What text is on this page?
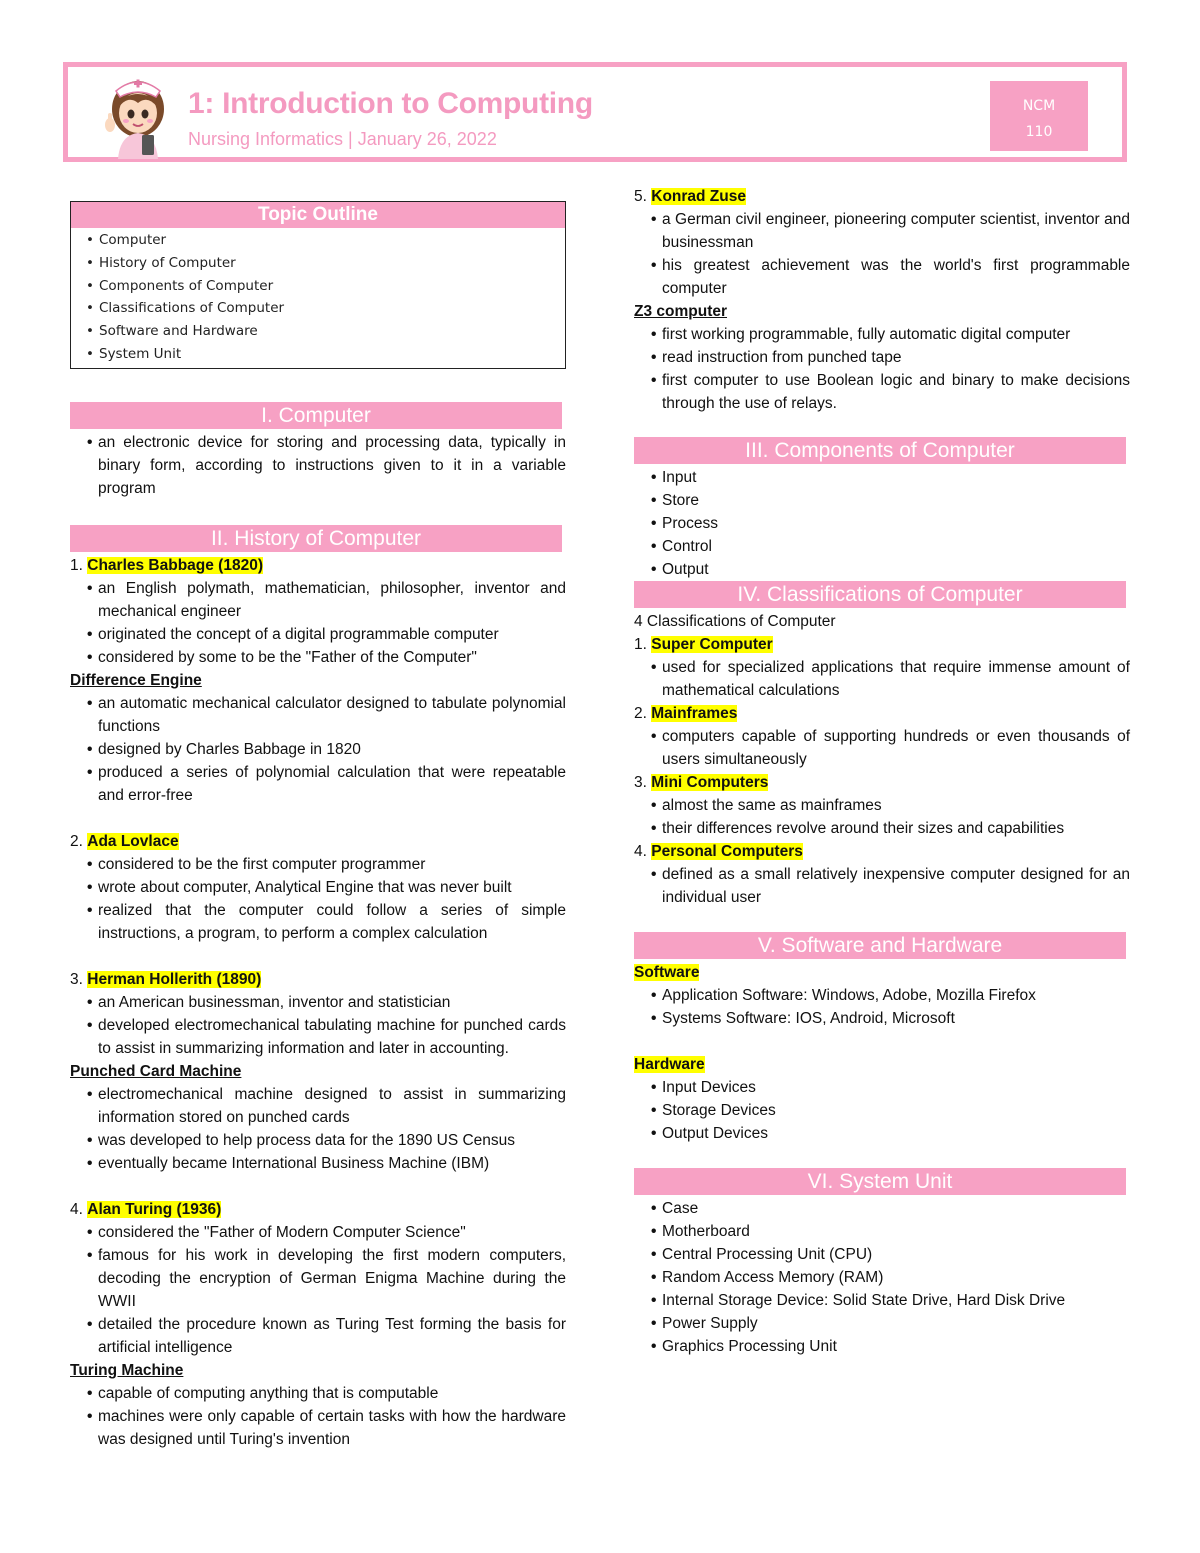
1: Introduction to Computing
Nursing Informatics | January 26, 2022
NCM
110
Topic Outline
• Computer
• History of Computer
• Components of Computer
• Classifications of Computer
• Software and Hardware
• System Unit
I. Computer
• an electronic device for storing and processing data, typically in binary form, according to instructions given to it in a variable program
II. History of Computer

1. Charles Babbage (1820)

• an English polymath, mathematician, philosopher, inventor and mechanical engineer
• originated the concept of a digital programmable computer
• considered by some to be the "Father of the Computer"

Difference Engine

• an automatic mechanical calculator designed to tabulate polynomial functions
• designed by Charles Babbage in 1820
• produced a series of polynomial calculation that were repeatable and error-free

2. Ada Lovlace

• considered to be the first computer programmer
• wrote about computer, Analytical Engine that was never built
• realized that the computer could follow a series of simple instructions, a program, to perform a complex calculation

3. Herman Hollerith (1890)

• an American businessman, inventor and statistician
• developed electromechanical tabulating machine for punched cards to assist in summarizing information and later in accounting.

Punched Card Machine

• electromechanical machine designed to assist in summarizing information stored on punched cards
• was developed to help process data for the 1890 US Census
• eventually became International Business Machine (IBM)

4. Alan Turing (1936)

• considered the "Father of Modern Computer Science"
• famous for his work in developing the first modern computers, decoding the encryption of German Enigma Machine during the WWII
• detailed the procedure known as Turing Test forming the basis for artificial intelligence

Turing Machine

• capable of computing anything that is computable
• machines were only capable of certain tasks with how the hardware was designed until Turing's invention

5. Konrad Zuse

• a German civil engineer, pioneering computer scientist, inventor and businessman
• his greatest achievement was the world's first programmable computer

Z3 computer

• first working programmable, fully automatic digital computer
• read instruction from punched tape
• first computer to use Boolean logic and binary to make decisions through the use of relays.
III. Components of Computer
• Input
• Store
• Process
• Control
• Output
IV. Classifications of Computer

4 Classifications of Computer

1. Super Computer

• used for specialized applications that require immense amount of mathematical calculations

2. Mainframes

• computers capable of supporting hundreds or even thousands of users simultaneously

3. Mini Computers

• almost the same as mainframes
• their differences revolve around their sizes and capabilities

4. Personal Computers

• defined as a small relatively inexpensive computer designed for an individual user
V. Software and Hardware

Software

• Application Software: Windows, Adobe, Mozilla Firefox
• Systems Software: IOS, Android, Microsoft

Hardware

• Input Devices
• Storage Devices
• Output Devices
VI. System Unit
• Case
• Motherboard
• Central Processing Unit (CPU)
• Random Access Memory (RAM)
• Internal Storage Device: Solid State Drive, Hard Disk Drive
• Power Supply
• Graphics Processing Unit
